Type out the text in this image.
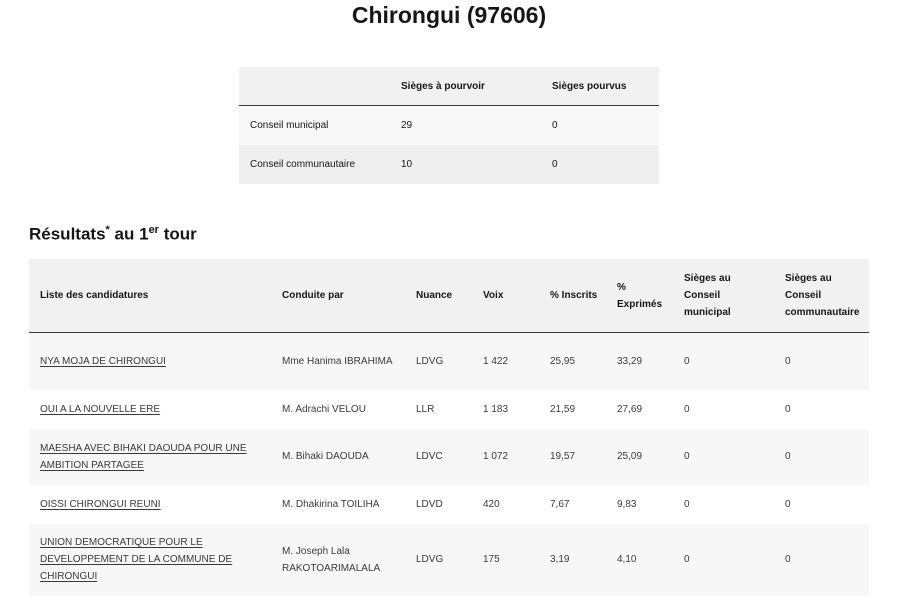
Chirongui (97606)
	Sièges à pourvoir	Sièges pourvus
Conseil municipal	29	0
Conseil communautaire	10	0
Résultats* au 1er tour
Liste des candidatures	Conduite par	Nuance	Voix	% Inscrits	% Exprimés	Sièges au Conseil municipal	Sièges au Conseil communautaire
NYA MOJA DE CHIRONGUI	Mme Hanima IBRAHIMA	LDVG	1 422	25,95	33,29	0	0
OUI A LA NOUVELLE ERE	M. Adrachi VELOU	LLR	1 183	21,59	27,69	0	0
MAESHA AVEC BIHAKI DAOUDA POUR UNE AMBITION PARTAGEE	M. Bihaki DAOUDA	LDVC	1 072	19,57	25,09	0	0
OISSI CHIRONGUI REUNI	M. Dhakirina TOILIHA	LDVD	420	7,67	9,83	0	0
UNION DEMOCRATIQUE POUR LE DEVELOPPEMENT DE LA COMMUNE DE CHIRONGUI	M. Joseph Lala RAKOTOARIMALALA	LDVG	175	3,19	4,10	0	0
